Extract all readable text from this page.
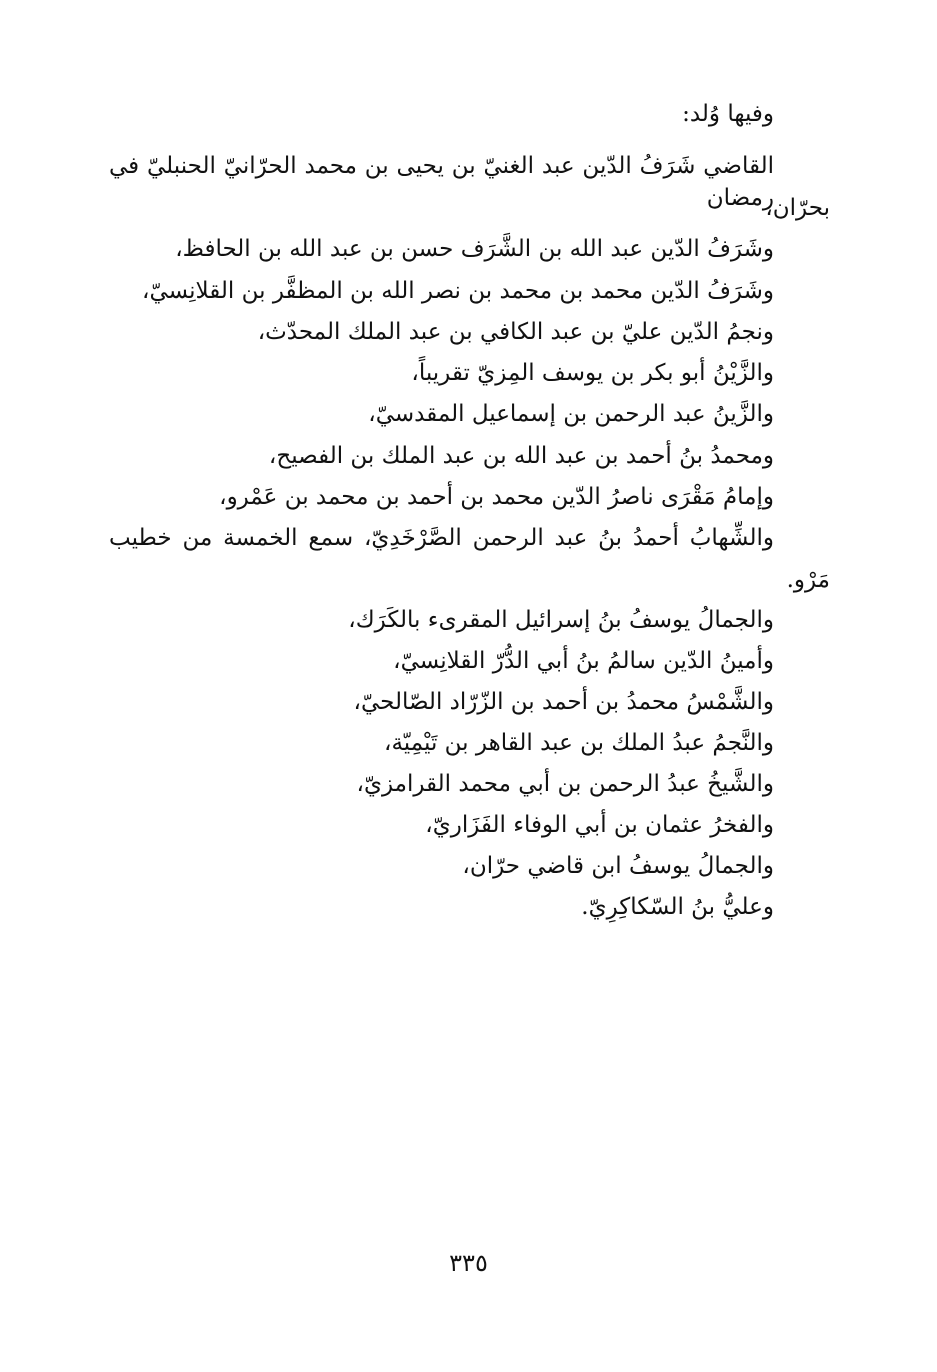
وفيها وُلد:
القاضي شَرَفُ الدّين عبد الغنيّ بن يحيى بن محمد الحرّانيّ الحنبليّ في رمضان
بحرّان،
وشَرَفُ الدّين عبد الله بن الشَّرَف حسن بن عبد الله بن الحافظ،
وشَرَفُ الدّين محمد بن محمد بن نصر الله بن المظفَّر بن القلانِسيّ،
ونجمُ الدّين عليّ بن عبد الكافي بن عبد الملك المحدّث،
والزَّيْنُ أبو بكر بن يوسف المِزيّ تقريباً،
والزَّينُ عبد الرحمن بن إسماعيل المقدسيّ،
ومحمدُ بنُ أحمد بن عبد الله بن عبد الملك بن الفصيح،
وإمامُ مَقْرَى ناصرُ الدّين محمد بن أحمد بن محمد بن عَمْرو،
والشِّهابُ أحمدُ بنُ عبد الرحمن الصَّرْخَدِيّ، سمع الخمسة من خطيب
مَرْو.
والجمالُ يوسفُ بنُ إسرائيل المقرىء بالكَرَك،
وأمينُ الدّين سالمُ بنُ أبي الدُّرّ القلانِسيّ،
والشَّمْسُ محمدُ بن أحمد بن الزّرّاد الصّالحيّ،
والنَّجمُ عبدُ الملك بن عبد القاهر بن تَيْمِيّة،
والشَّيخُ عبدُ الرحمن بن أبي محمد القرامزيّ،
والفخرُ عثمان بن أبي الوفاء الفَزَاريّ،
والجمالُ يوسفُ ابن قاضي حرّان،
وعليُّ بنُ السّكاكِرِيّ.
٣٣٥
